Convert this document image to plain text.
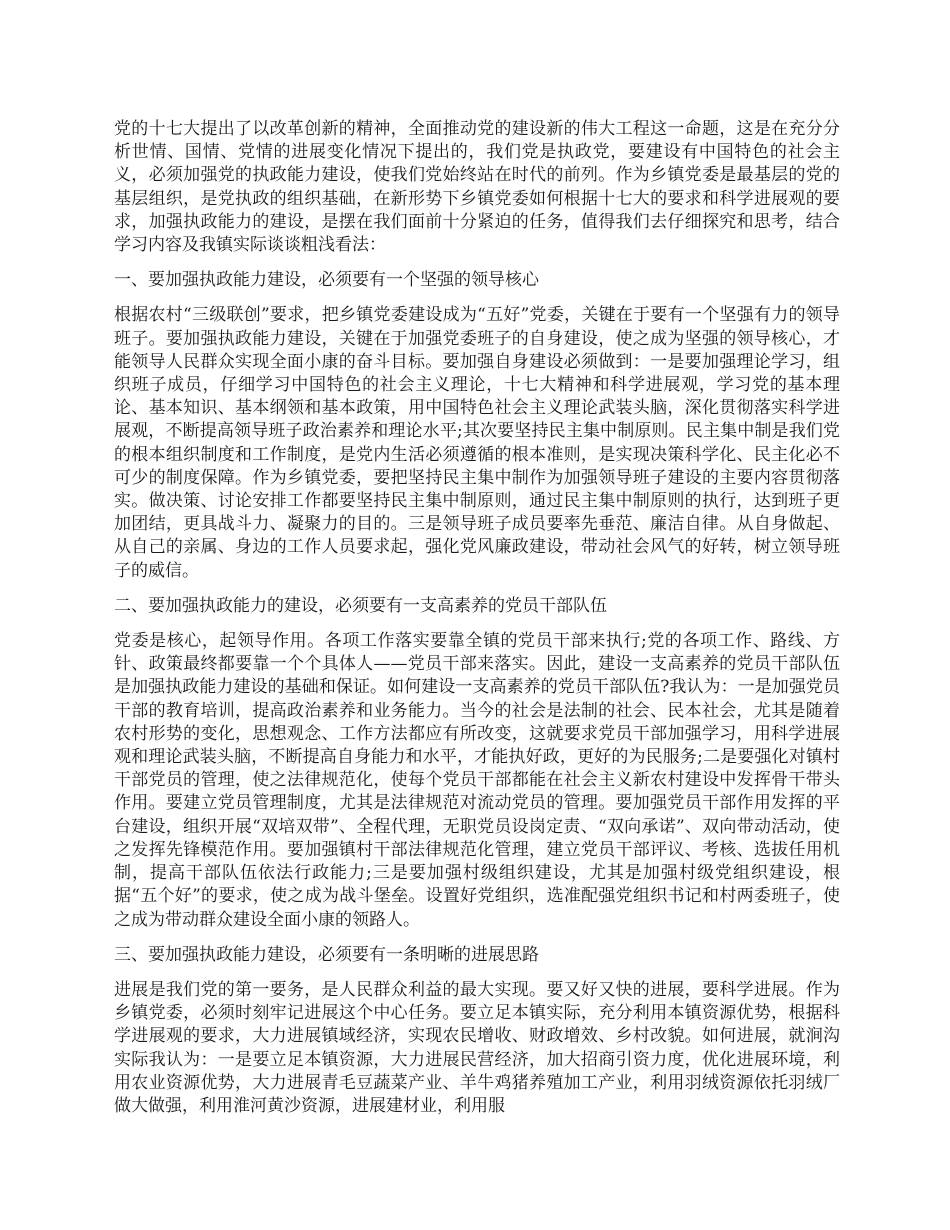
党的十七大提出了以改革创新的精神，全面推动党的建设新的伟大工程这一命题，这是在充分分析世情、国情、党情的进展变化情况下提出的，我们党是执政党，要建设有中国特色的社会主义，必须加强党的执政能力建设，使我们党始终站在时代的前列。作为乡镇党委是最基层的党的基层组织，是党执政的组织基础，在新形势下乡镇党委如何根据十七大的要求和科学进展观的要求，加强执政能力的建设，是摆在我们面前十分紧迫的任务，值得我们去仔细探究和思考，结合学习内容及我镇实际谈谈粗浅看法：

一、要加强执政能力建设，必须要有一个坚强的领导核心

根据农村“三级联创”要求，把乡镇党委建设成为“五好”党委，关键在于要有一个坚强有力的领导班子。要加强执政能力建设，关键在于加强党委班子的自身建设，使之成为坚强的领导核心，才能领导人民群众实现全面小康的奋斗目标。要加强自身建设必须做到：一是要加强理论学习，组织班子成员，仔细学习中国特色的社会主义理论，十七大精神和科学进展观，学习党的基本理论、基本知识、基本纲领和基本政策，用中国特色社会主义理论武装头脑，深化贯彻落实科学进展观，不断提高领导班子政治素养和理论水平;其次要坚持民主集中制原则。民主集中制是我们党的根本组织制度和工作制度，是党内生活必须遵循的根本准则，是实现决策科学化、民主化必不可少的制度保障。作为乡镇党委，要把坚持民主集中制作为加强领导班子建设的主要内容贯彻落实。做决策、讨论安排工作都要坚持民主集中制原则，通过民主集中制原则的执行，达到班子更加团结，更具战斗力、凝聚力的目的。三是领导班子成员要率先垂范、廉洁自律。从自身做起、从自己的亲属、身边的工作人员要求起，强化党风廉政建设，带动社会风气的好转，树立领导班子的威信。

二、要加强执政能力的建设，必须要有一支高素养的党员干部队伍

党委是核心，起领导作用。各项工作落实要靠全镇的党员干部来执行;党的各项工作、路线、方针、政策最终都要靠一个个具体人——党员干部来落实。因此，建设一支高素养的党员干部队伍是加强执政能力建设的基础和保证。如何建设一支高素养的党员干部队伍?我认为：一是加强党员干部的教育培训，提高政治素养和业务能力。当今的社会是法制的社会、民本社会，尤其是随着农村形势的变化，思想观念、工作方法都应有所改变，这就要求党员干部加强学习，用科学进展观和理论武装头脑，不断提高自身能力和水平，才能执好政，更好的为民服务;二是要强化对镇村干部党员的管理，使之法律规范化，使每个党员干部都能在社会主义新农村建设中发挥骨干带头作用。要建立党员管理制度，尤其是法律规范对流动党员的管理。要加强党员干部作用发挥的平台建设，组织开展“双培双带”、全程代理，无职党员设岗定责、“双向承诺”、双向带动活动，使之发挥先锋模范作用。要加强镇村干部法律规范化管理，建立党员干部评议、考核、选拔任用机制，提高干部队伍依法行政能力;三是要加强村级组织建设，尤其是加强村级党组织建设，根据“五个好”的要求，使之成为战斗堡垒。设置好党组织，选准配强党组织书记和村两委班子，使之成为带动群众建设全面小康的领路人。

三、要加强执政能力建设，必须要有一条明晰的进展思路

进展是我们党的第一要务，是人民群众利益的最大实现。要又好又快的进展，要科学进展。作为乡镇党委，必须时刻牢记进展这个中心任务。要立足本镇实际，充分利用本镇资源优势，根据科学进展观的要求，大力进展镇域经济，实现农民增收、财政增效、乡村改貌。如何进展，就涧沟实际我认为：一是要立足本镇资源，大力进展民营经济，加大招商引资力度，优化进展环境，利用农业资源优势，大力进展青毛豆蔬菜产业、羊牛鸡猪养殖加工产业，利用羽绒资源依托羽绒厂做大做强，利用淮河黄沙资源，进展建材业，利用服
